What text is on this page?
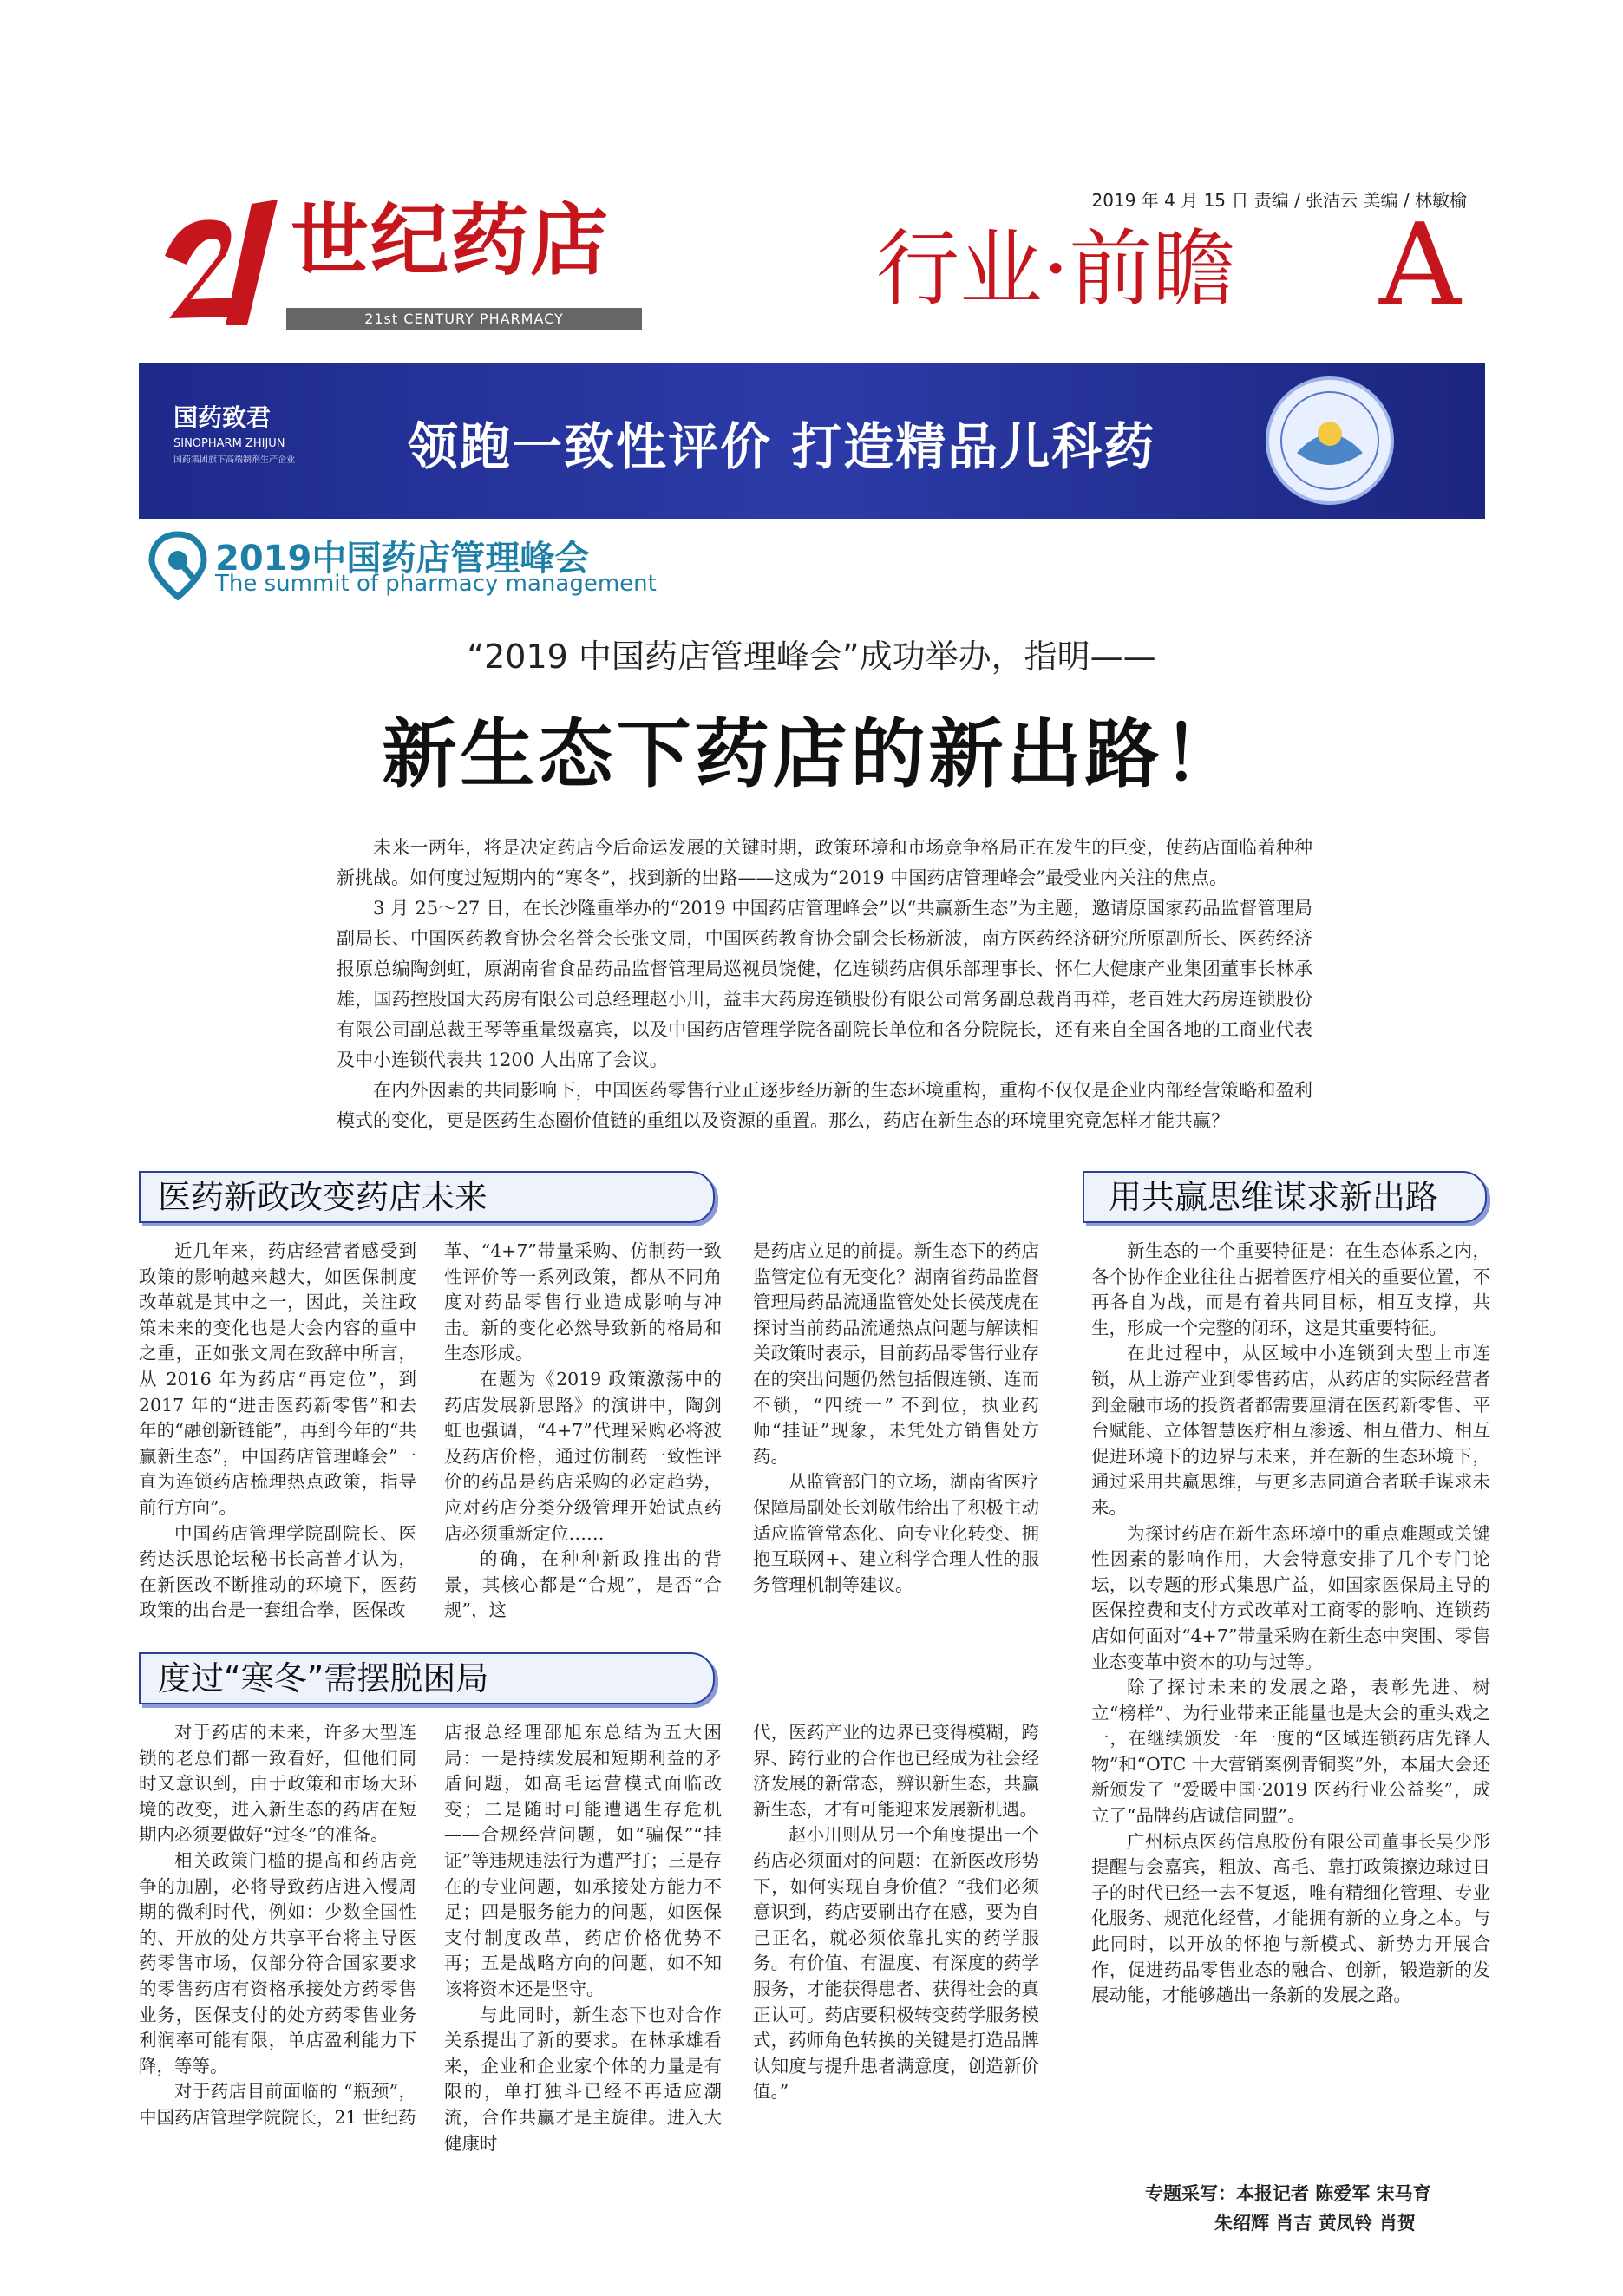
世纪药店
21st CENTURY PHARMACY
2019 年 4 月 15 日 责编 / 张洁云 美编 / 林敏榆
行业·前瞻 A
国药致君
SINOPHARM ZHIJUN
国药集团旗下高端制剂生产企业 领跑一致性评价 打造精品儿科药
2019中国药店管理峰会
The summit of pharmacy management
“2019 中国药店管理峰会”成功举办，指明——
新生态下药店的新出路！

未来一两年，将是决定药店今后命运发展的关键时期，政策环境和市场竞争格局正在发生的巨变，使药店面临着种种新挑战。如何度过短期内的“寒冬”，找到新的出路——这成为“2019 中国药店管理峰会”最受业内关注的焦点。

3 月 25～27 日，在长沙隆重举办的“2019 中国药店管理峰会”以“共赢新生态”为主题，邀请原国家药品监督管理局副局长、中国医药教育协会名誉会长张文周，中国医药教育协会副会长杨新波，南方医药经济研究所原副所长、医药经济报原总编陶剑虹，原湖南省食品药品监督管理局巡视员饶健，亿连锁药店俱乐部理事长、怀仁大健康产业集团董事长林承雄，国药控股国大药房有限公司总经理赵小川，益丰大药房连锁股份有限公司常务副总裁肖再祥，老百姓大药房连锁股份有限公司副总裁王琴等重量级嘉宾，以及中国药店管理学院各副院长单位和各分院院长，还有来自全国各地的工商业代表及中小连锁代表共 1200 人出席了会议。

在内外因素的共同影响下，中国医药零售行业正逐步经历新的生态环境重构，重构不仅仅是企业内部经营策略和盈利模式的变化，更是医药生态圈价值链的重组以及资源的重置。那么，药店在新生态的环境里究竟怎样才能共赢？

医药新政改变药店未来

近几年来，药店经营者感受到政策的影响越来越大，如医保制度改革就是其中之一，因此，关注政策未来的变化也是大会内容的重中之重，正如张文周在致辞中所言，从 2016 年为药店“再定位”，到 2017 年的“进击医药新零售”和去年的“融创新链能”，再到今年的“共赢新生态”，中国药店管理峰会”一直为连锁药店梳理热点政策，指导前行方向”。

中国药店管理学院副院长、医药达沃思论坛秘书长高普才认为，在新医改不断推动的环境下，医药政策的出台是一套组合拳，医保改

革、“4+7”带量采购、仿制药一致性评价等一系列政策，都从不同角度对药品零售行业造成影响与冲击。新的变化必然导致新的格局和生态形成。

在题为《2019 政策激荡中的药店发展新思路》的演讲中，陶剑虹也强调，“4+7”代理采购必将波及药店价格，通过仿制药一致性评价的药品是药店采购的必定趋势，应对药店分类分级管理开始试点药店必须重新定位……

的确，在种种新政推出的背景，其核心都是“合规”，是否“合规”，这

是药店立足的前提。新生态下的药店监管定位有无变化？湖南省药品监督管理局药品流通监管处处长侯茂虎在探讨当前药品流通热点问题与解读相关政策时表示，目前药品零售行业存在的突出问题仍然包括假连锁、连而不锁，“四统一” 不到位，执业药师“挂证”现象，未凭处方销售处方药。

从监管部门的立场，湖南省医疗保障局副处长刘敬伟给出了积极主动适应监管常态化、向专业化转变、拥抱互联网+、建立科学合理人性的服务管理机制等建议。

度过“寒冬”需摆脱困局

对于药店的未来，许多大型连锁的老总们都一致看好，但他们同时又意识到，由于政策和市场大环境的改变，进入新生态的药店在短期内必须要做好“过冬”的准备。

相关政策门槛的提高和药店竞争的加剧，必将导致药店进入慢周期的微利时代，例如：少数全国性的、开放的处方共享平台将主导医药零售市场，仅部分符合国家要求的零售药店有资格承接处方药零售业务，医保支付的处方药零售业务利润率可能有限，单店盈利能力下降，等等。

对于药店目前面临的 “瓶颈”，中国药店管理学院院长，21 世纪药

店报总经理邵旭东总结为五大困局：一是持续发展和短期利益的矛盾问题，如高毛运营模式面临改变；二是随时可能遭遇生存危机——合规经营问题，如“骗保”“挂证”等违规违法行为遭严打；三是存在的专业问题，如承接处方能力不足；四是服务能力的问题，如医保支付制度改革，药店价格优势不再；五是战略方向的问题，如不知该将资本还是坚守。

与此同时，新生态下也对合作关系提出了新的要求。在林承雄看来，企业和企业家个体的力量是有限的，单打独斗已经不再适应潮流，合作共赢才是主旋律。进入大健康时

代，医药产业的边界已变得模糊，跨界、跨行业的合作也已经成为社会经济发展的新常态，辨识新生态，共赢新生态，才有可能迎来发展新机遇。

赵小川则从另一个角度提出一个药店必须面对的问题：在新医改形势下，如何实现自身价值？“我们必须意识到，药店要刷出存在感，要为自己正名，就必须依靠扎实的药学服务。有价值、有温度、有深度的药学服务，才能获得患者、获得社会的真正认可。药店要积极转变药学服务模式，药师角色转换的关键是打造品牌认知度与提升患者满意度，创造新价值。”

用共赢思维谋求新出路

新生态的一个重要特征是：在生态体系之内，各个协作企业往往占据着医疗相关的重要位置，不再各自为战，而是有着共同目标，相互支撑，共生，形成一个完整的闭环，这是其重要特征。

在此过程中，从区域中小连锁到大型上市连锁，从上游产业到零售药店，从药店的实际经营者到金融市场的投资者都需要厘清在医药新零售、平台赋能、立体智慧医疗相互渗透、相互借力、相互促进环境下的边界与未来，并在新的生态环境下，通过采用共赢思维，与更多志同道合者联手谋求未来。

为探讨药店在新生态环境中的重点难题或关键性因素的影响作用，大会特意安排了几个专门论坛，以专题的形式集思广益，如国家医保局主导的医保控费和支付方式改革对工商零的影响、连锁药店如何面对“4+7”带量采购在新生态中突围、零售业态变革中资本的功与过等。

除了探讨未来的发展之路，表彰先进、树立“榜样”、为行业带来正能量也是大会的重头戏之一，在继续颁发一年一度的“区域连锁药店先锋人物”和“OTC 十大营销案例青铜奖”外，本届大会还新颁发了 “爱暖中国·2019 医药行业公益奖”，成立了“品牌药店诚信同盟”。

广州标点医药信息股份有限公司董事长吴少彤提醒与会嘉宾，粗放、高毛、靠打政策擦边球过日子的时代已经一去不复返，唯有精细化管理、专业化服务、规范化经营，才能拥有新的立身之本。与此同时，以开放的怀抱与新模式、新势力开展合作，促进药品零售业态的融合、创新，锻造新的发展动能，才能够趟出一条新的发展之路。

专题采写：本报记者 陈爱军 宋马育
朱绍辉 肖吉 黄凤铃 肖贺
